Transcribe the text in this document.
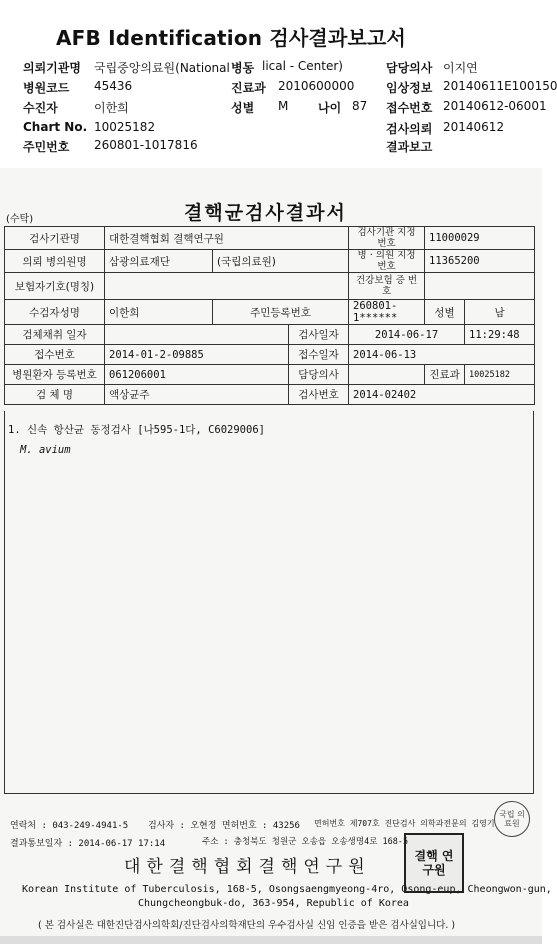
AFB Identification 검사결과보고서
의뢰기관명 국립중앙의료원(National 병동 lical - Center)	담당의사 이지연
병원코드 45436	진료과 2010600000	임상정보 20140611E100150
수진자	이한희	성별 M 나이 87 접수번호 20140612-06001
Chart No. 10025182	검사의뢰 20140612
주민번호 260801-1017816	결과보고
(수탁)	결핵균검사결과서
검사기관명	대한결핵협회 결핵연구원			검사기관 지정번호	11000029	
의뢰 병의원명	삼광의료재단	(국립의료원)		병 · 의원 지정번호	11365200	
보험자기호(명칭)				건강보험 증 번 호		
수검자성명	이한희	주민등록번호		260801-1******	성별	남
검체채취 일자			검사일자	2014-06-17		11:29:48
접수번호	2014-01-2-09885		접수일자	2014-06-13		
병원환자 등록번호	061206001		담당의사		진료과	10025182
검 체 명	액상균주		검사번호	2014-02402		
1. 신속 항산균 동정검사 [나595-1다, C6029006]
M. avium
연락처 : 043-249-4941-5 검사자 : 오현정 면허번호 : 43256 면허번호 제707호 진단검사 의학과전문의 김영기
결과통보일자 : 2014-06-17 17:14	주소 : 충청북도 청원군 오송읍 오송생명4로 168-5
대한결핵협회결핵연구원
Korean Institute of Tuberculosis, 168-5, Osongsaengmyeong-4ro, Osong-eup, Cheongwon-gun,
Chungcheongbuk-do, 363-954, Republic of Korea
( 본 검사실은 대한진단검사의학회/진단검사의학재단의 우수검사실 신임 인증을 받은 검사실입니다. )
결핵 연구원
국립 의료원
